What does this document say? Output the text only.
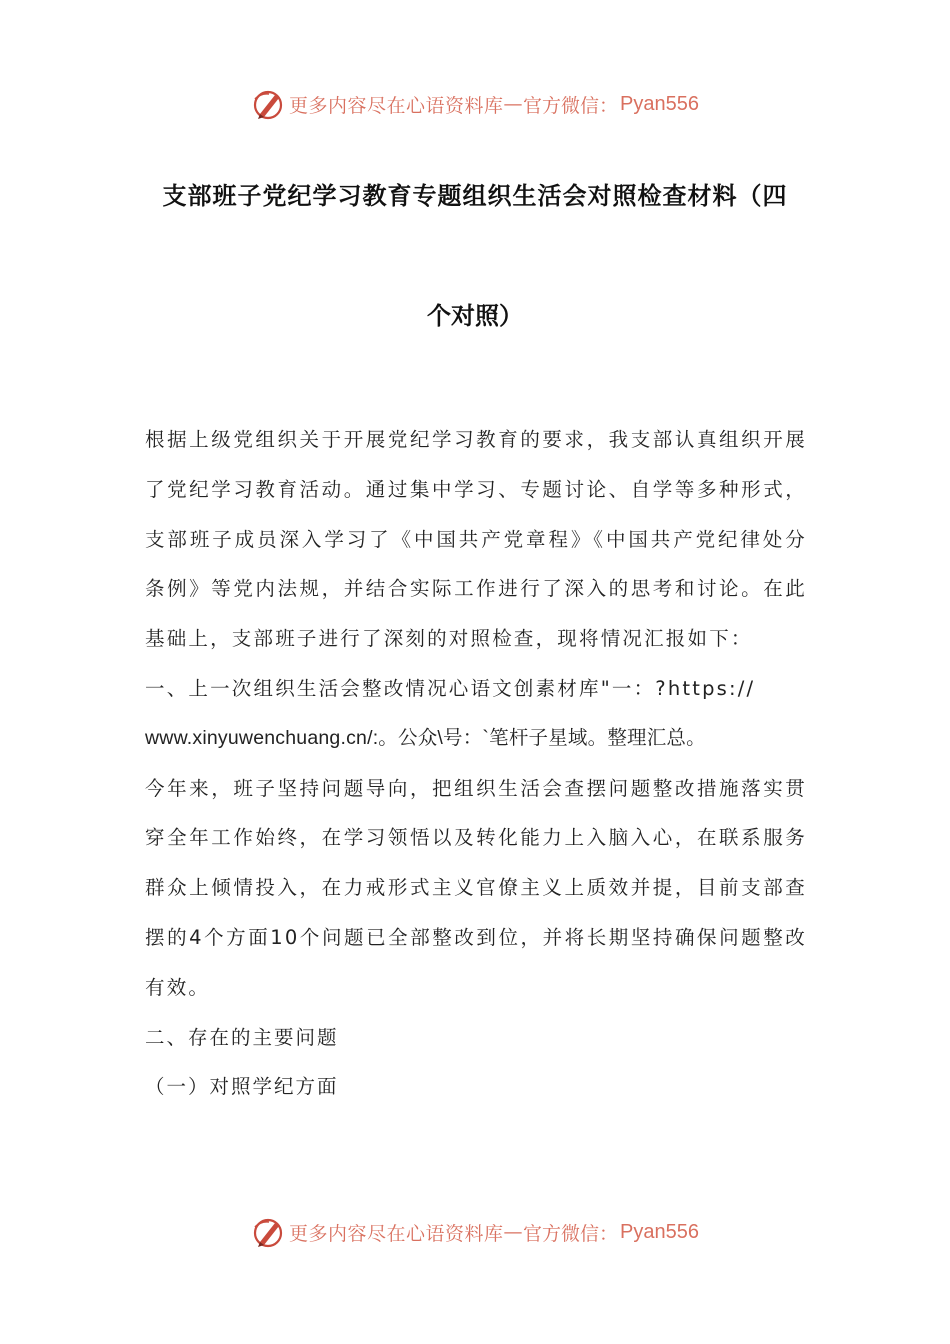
更多内容尽在心语资料库 — 官方微信： Pyan556
支部班子党纪学习教育专题组织生活会对照检查材料（四
个对照）

根据上级党组织关于开展党纪学习教育的要求，我支部认真组织开展了党纪学习教育活动。通过集中学习、专题讨论、自学等多种形式，支部班子成员深入学习了《中国共产党章程》《中国共产党纪律处分条例》等党内法规，并结合实际工作进行了深入的思考和讨论。在此基础上，支部班子进行了深刻的对照检查，现将情况汇报如下：

一、上一次组织生活会整改情况心语文创素材库"一：?https://

www.xinyuwenchuang.cn/:。公众\号：`笔杆子星域。整理汇总。

今年来，班子坚持问题导向，把组织生活会查摆问题整改措施落实贯穿全年工作始终，在学习领悟以及转化能力上入脑入心，在联系服务群众上倾情投入，在力戒形式主义官僚主义上质效并提，目前支部查摆的4个方面10个问题已全部整改到位，并将长期坚持确保问题整改有效。

二、存在的主要问题

（一）对照学纪方面

更多内容尽在心语资料库 — 官方微信： Pyan556
